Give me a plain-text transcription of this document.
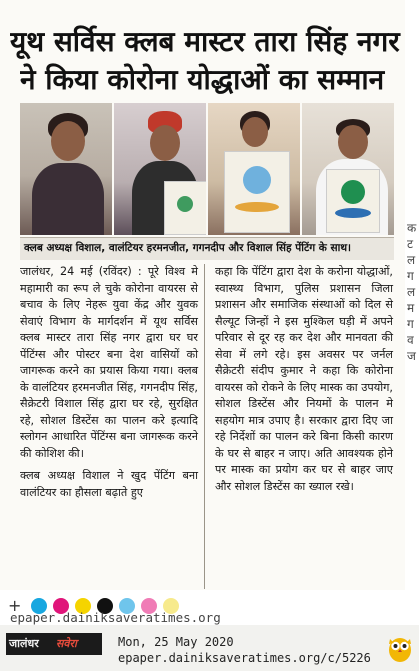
यूथ सर्विस क्लब मास्टर तारा सिंह नगर
ने किया कोरोना योद्धाओं का सम्मान
क्लब अध्यक्ष विशाल, वालंटियर हरमनजीत, गगनदीप और विशाल सिंह पेंटिंग के साथ।

जालंधर, 24 मई (रविंदर) : पूरे विश्व मे महामारी का रूप ले चुके कोरोना वायरस से बचाव के लिए नेहरू युवा केंद्र और युवक सेवाएं विभाग के मार्गदर्शन में यूथ सर्विस क्लब मास्टर तारा सिंह नगर द्वारा घर घर पेंटिंग्स और पोस्टर बना देश वासियों को जागरूक करने का प्रयास किया गया। क्लब के वालंटियर हरमनजीत सिंह, गगनदीप सिंह, सैक्रेटरी विशाल सिंह द्वारा घर रहे, सुरक्षित रहे, सोशल डिस्टेंस का पालन करे इत्यादि स्लोगन आधारित पेंटिंग्स बना जागरूक करने की कोशिश की।

क्लब अध्यक्ष विशाल ने खुद पेंटिंग बना वालंटियर का हौसला बढ़ाते हुए

कहा कि पेंटिंग द्वारा देश के करोना योद्धाओं, स्वास्थ्य विभाग, पुलिस प्रशासन जिला प्रशासन और समाजिक संस्थाओं को दिल से सैल्यूट जिन्हों ने इस मुश्किल घड़ी में अपने परिवार से दूर रह कर देश और मानवता की सेवा में लगे रहे। इस अवसर पर जर्नल सैक्रेटरी संदीप कुमार ने कहा कि कोरोना वायरस को रोकने के लिए मास्क का उपयोग, सोशल डिस्टेंस और नियमों के पालन मे सहयोग मात्र उपाए है। सरकार द्वारा दिए जा रहे निर्देशों का पालन करे बिना किसी कारण के घर से बाहर न जाए। अति आवश्यक होने पर मास्क का प्रयोग कर घर से बाहर जाए और सोशल डिस्टेंस का ख्याल रखे।

क
ट
ल
ग
ल
म
ग
व
ज
+
epaper.dainiksaveratimes.org
जालंधर सवेरा	Mon, 25 May 2020
epaper.dainiksaveratimes.org/c/5226
